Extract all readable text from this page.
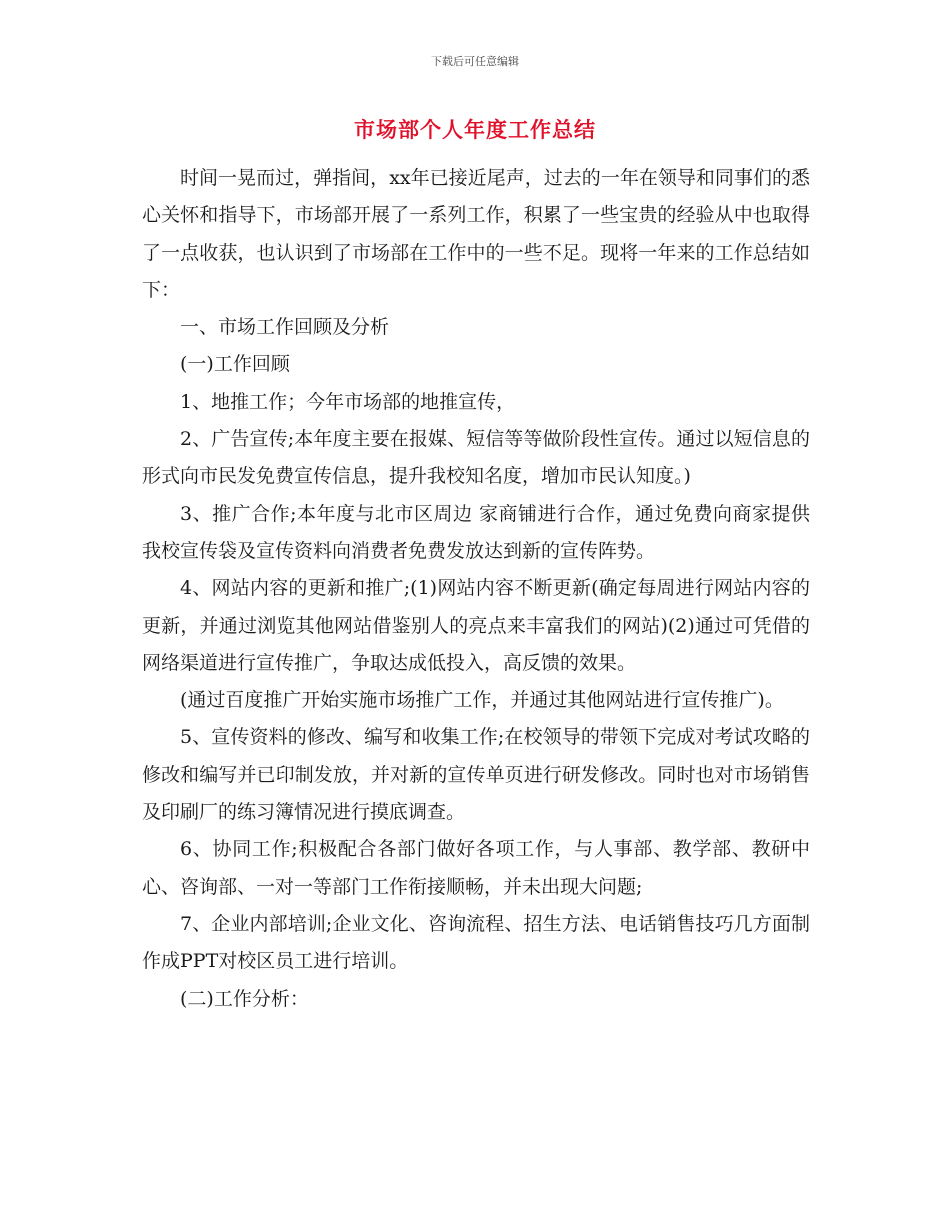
下载后可任意编辑
市场部个人年度工作总结

时间一晃而过，弹指间，xx年已接近尾声，过去的一年在领导和同事们的悉心关怀和指导下，市场部开展了一系列工作，积累了一些宝贵的经验从中也取得了一点收获，也认识到了市场部在工作中的一些不足。现将一年来的工作总结如下：

一、市场工作回顾及分析

(一)工作回顾

1、地推工作；今年市场部的地推宣传，

2、广告宣传;本年度主要在报媒、短信等等做阶段性宣传。通过以短信息的形式向市民发免费宣传信息，提升我校知名度，增加市民认知度。)

3、推广合作;本年度与北市区周边 家商铺进行合作，通过免费向商家提供我校宣传袋及宣传资料向消费者免费发放达到新的宣传阵势。

4、网站内容的更新和推广;(1)网站内容不断更新(确定每周进行网站内容的更新，并通过浏览其他网站借鉴别人的亮点来丰富我们的网站)(2)通过可凭借的网络渠道进行宣传推广，争取达成低投入，高反馈的效果。

(通过百度推广开始实施市场推广工作，并通过其他网站进行宣传推广)。

5、宣传资料的修改、编写和收集工作;在校领导的带领下完成对考试攻略的修改和编写并已印制发放，并对新的宣传单页进行研发修改。同时也对市场销售及印刷厂的练习簿情况进行摸底调查。

6、协同工作;积极配合各部门做好各项工作，与人事部、教学部、教研中心、咨询部、一对一等部门工作衔接顺畅，并未出现大问题;

7、企业内部培训;企业文化、咨询流程、招生方法、电话销售技巧几方面制作成PPT对校区员工进行培训。

(二)工作分析：
